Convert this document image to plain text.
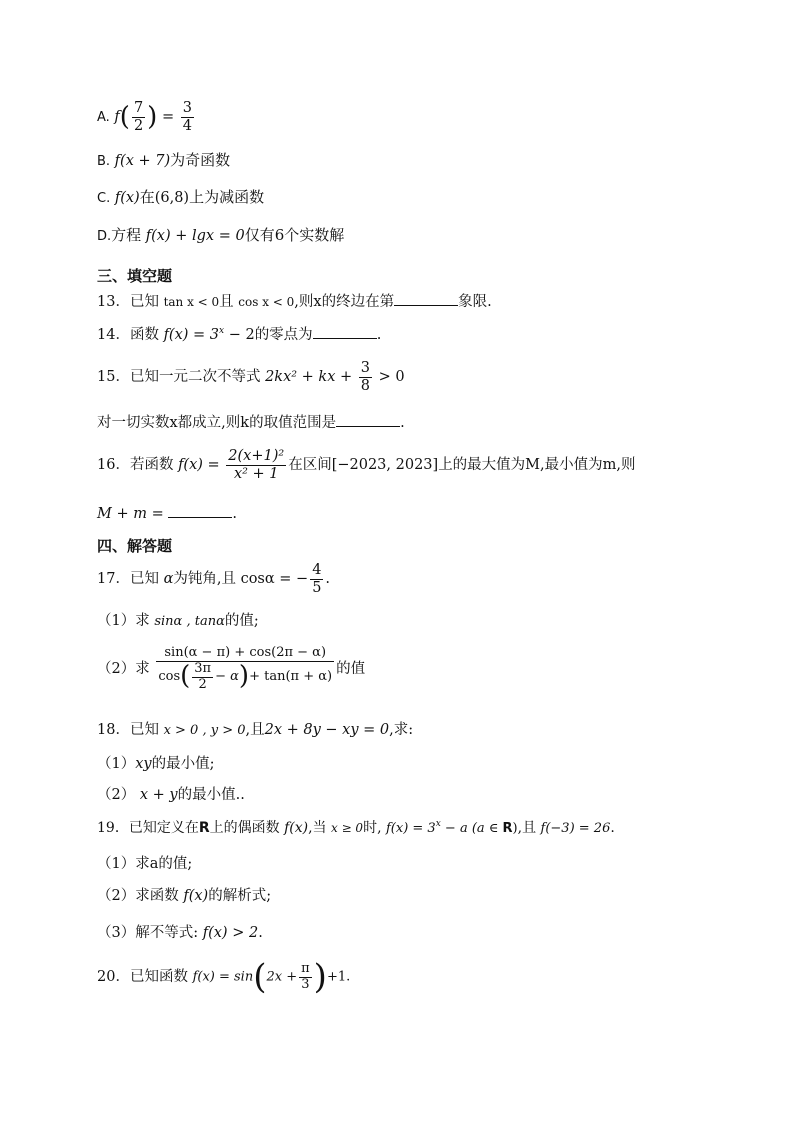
A. $f( \frac{7}{2}$ ) = $\frac{3}{4}$
B. f(x + 7)为奇函数
C. f(x)在(6,8)上为减函数
D.方程 f(x) + lgx = 0仅有6个实数解
三、填空题
13．已知 tan x < 0且 cos x < 0,则x的终边在第	象限.
14．函数 $f(x) = 3^x - 2$的零点为	.
15．已知一元二次不等式 2kx² + kx + $\frac{3}{8} > 0$
对一切实数x都成立,则k的取值范围是	.
16．若函数 $f(x) = \frac{\text{2(x+1)²}}{\text{x² + 1}}$ 在区间[−2023, 2023]上的最大值为M,最小值为m,则
M + m =	.
四、解答题
17．已知 α为钝角,且 cosα = − $\frac{4}{5}$ .
（1）求 sinα , tanα的值;
（2）求 $\frac{\sin(\alpha - \pi) + \cos(2\pi - \alpha)}{\cos ( \frac{3\pi}{2} - \alpha ) + \tan(\pi + \alpha)}$ 的值
18．已知 x > 0 , y > 0,且2x + 8y − xy = 0,求:
（1）xy的最小值;
（2） x + y的最小值..
19．已知定义在R上的偶函数 f(x),当 x ≥ 0时, $f(x) = 3^x - a$ (a ∈ R),且 f(−3) = 26.
（1）求a的值;
（2）求函数 f(x)的解析式;
（3）解不等式: f(x) > 2.
20．已知函数 $f(x) = \sin(2x + \frac{\pi}{3} )+1$.
